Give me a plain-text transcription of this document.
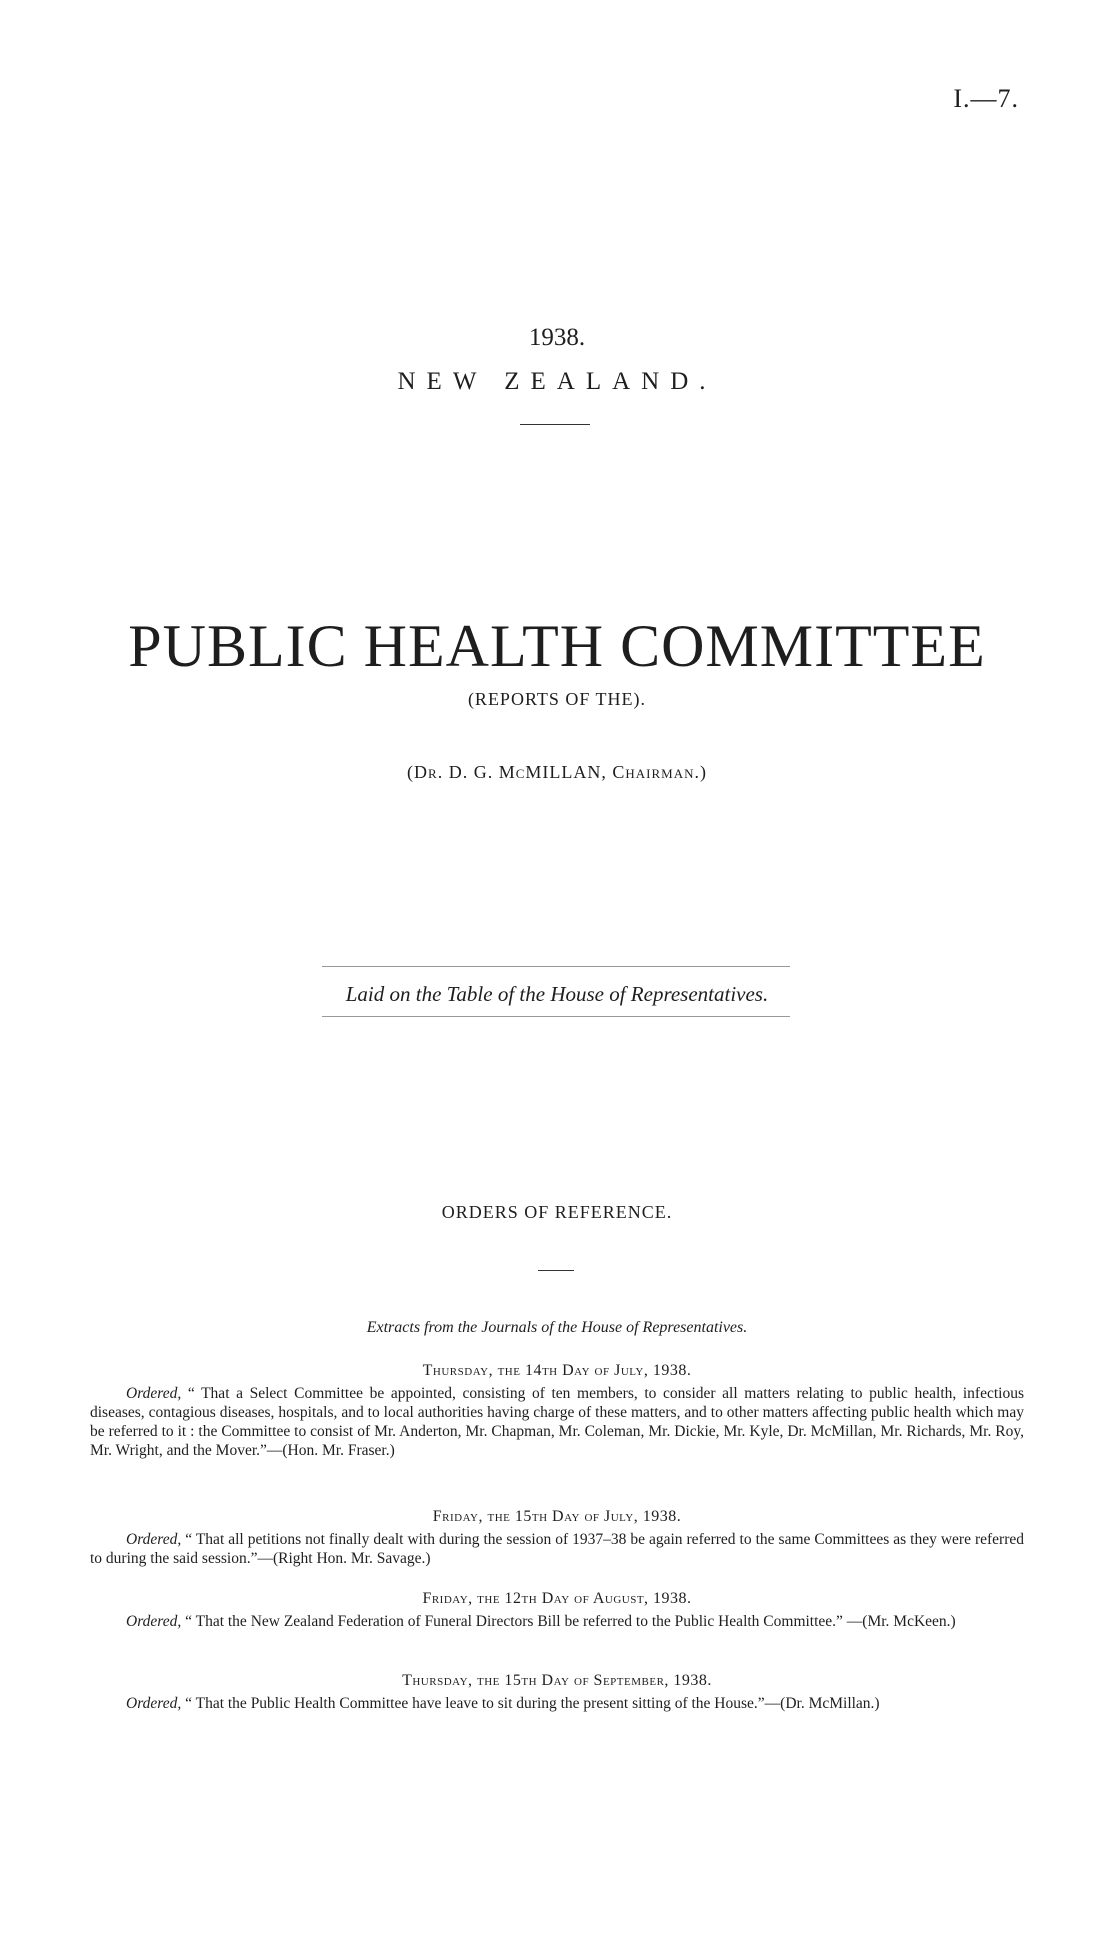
I.—7.
1938.
NEW ZEALAND.
PUBLIC HEALTH COMMITTEE
(REPORTS OF THE).
(Dr. D. G. McMILLAN, Chairman.)
Laid on the Table of the House of Representatives.
ORDERS OF REFERENCE.
Extracts from the Journals of the House of Representatives.
Thursday, the 14th Day of July, 1938.
Ordered, “ That a Select Committee be appointed, consisting of ten members, to consider all matters relating to public health, infectious diseases, contagious diseases, hospitals, and to local authorities having charge of these matters, and to other matters affecting public health which may be referred to it : the Committee to consist of Mr. Anderton, Mr. Chapman, Mr. Coleman, Mr. Dickie, Mr. Kyle, Dr. McMillan, Mr. Richards, Mr. Roy, Mr. Wright, and the Mover.”—(Hon. Mr. Fraser.)
Friday, the 15th Day of July, 1938.
Ordered, “ That all petitions not finally dealt with during the session of 1937–38 be again referred to the same Committees as they were referred to during the said session.”—(Right Hon. Mr. Savage.)
Friday, the 12th Day of August, 1938.
Ordered, “ That the New Zealand Federation of Funeral Directors Bill be referred to the Public Health Committee.” —(Mr. McKeen.)
Thursday, the 15th Day of September, 1938.
Ordered, “ That the Public Health Committee have leave to sit during the present sitting of the House.”—(Dr. McMillan.)
